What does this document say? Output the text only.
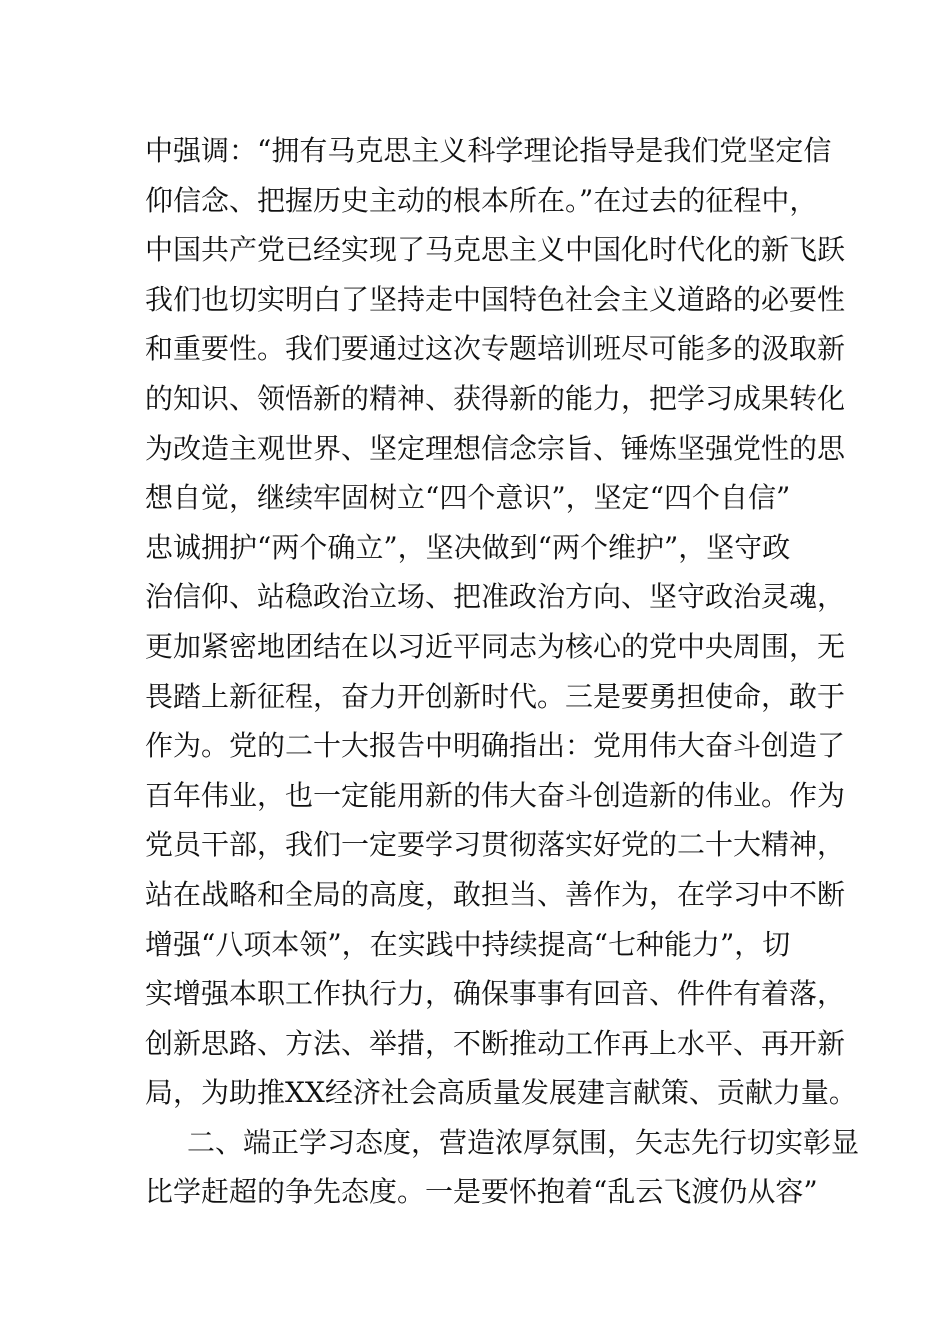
中强调：“拥有马克思主义科学理论指导是我们党坚定信
仰信念、把握历史主动的根本所在。”在过去的征程中，
中国共产党已经实现了马克思主义中国化时代化的新飞跃
我们也切实明白了坚持走中国特色社会主义道路的必要性
和重要性。我们要通过这次专题培训班尽可能多的汲取新
的知识、领悟新的精神、获得新的能力，把学习成果转化
为改造主观世界、坚定理想信念宗旨、锤炼坚强党性的思
想自觉，继续牢固树立“四个意识”，坚定“四个自信”
忠诚拥护“两个确立”，坚决做到“两个维护”，坚守政
治信仰、站稳政治立场、把准政治方向、坚守政治灵魂，
更加紧密地团结在以习近平同志为核心的党中央周围，无
畏踏上新征程，奋力开创新时代。三是要勇担使命，敢于
作为。党的二十大报告中明确指出：党用伟大奋斗创造了
百年伟业，也一定能用新的伟大奋斗创造新的伟业。作为
党员干部，我们一定要学习贯彻落实好党的二十大精神，
站在战略和全局的高度，敢担当、善作为，在学习中不断
增强“八项本领”，在实践中持续提高“七种能力”，切
实增强本职工作执行力，确保事事有回音、件件有着落，
创新思路、方法、举措，不断推动工作再上水平、再开新
局，为助推XX经济社会高质量发展建言献策、贡献力量。
二、端正学习态度，营造浓厚氛围，矢志先行切实彰显
比学赶超的争先态度。一是要怀抱着“乱云飞渡仍从容”
